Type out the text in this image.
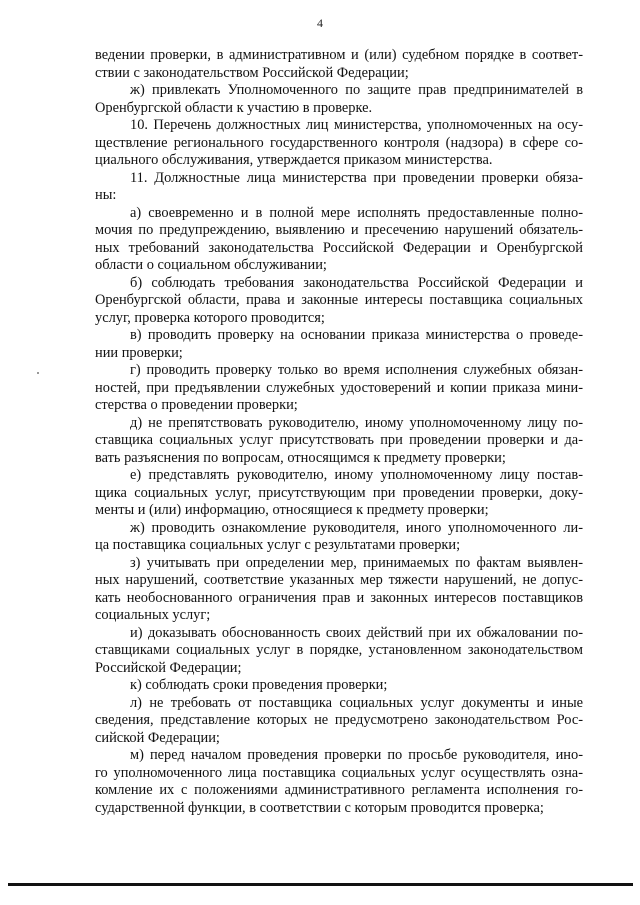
4
ведении проверки, в административном и (или) судебном порядке в соответ-
ствии с законодательством Российской Федерации;
ж) привлекать Уполномоченного по защите прав предпринимателей в
Оренбургской области к участию в проверке.
10. Перечень должностных лиц министерства, уполномоченных на осу-
ществление регионального государственного контроля (надзора) в сфере со-
циального обслуживания, утверждается приказом министерства.
11. Должностные лица министерства при проведении проверки обяза-
ны:
а) своевременно и в полной мере исполнять предоставленные полно-
мочия по предупреждению, выявлению и пресечению нарушений обязатель-
ных требований законодательства Российской Федерации и Оренбургской
области о социальном обслуживании;
б) соблюдать требования законодательства Российской Федерации и
Оренбургской области, права и законные интересы поставщика социальных
услуг, проверка которого проводится;
в) проводить проверку на основании приказа министерства о проведе-
нии проверки;
г) проводить проверку только во время исполнения служебных обязан-
ностей, при предъявлении служебных удостоверений и копии приказа мини-
стерства о проведении проверки;
д) не препятствовать руководителю, иному уполномоченному лицу по-
ставщика социальных услуг присутствовать при проведении проверки и да-
вать разъяснения по вопросам, относящимся к предмету проверки;
е) представлять руководителю, иному уполномоченному лицу постав-
щика социальных услуг, присутствующим при проведении проверки, доку-
менты и (или) информацию, относящиеся к предмету проверки;
ж) проводить ознакомление руководителя, иного уполномоченного ли-
ца поставщика социальных услуг с результатами проверки;
з) учитывать при определении мер, принимаемых по фактам выявлен-
ных нарушений, соответствие указанных мер тяжести нарушений, не допус-
кать необоснованного ограничения прав и законных интересов поставщиков
социальных услуг;
и) доказывать обоснованность своих действий при их обжаловании по-
ставщиками социальных услуг в порядке, установленном законодательством
Российской Федерации;
к) соблюдать сроки проведения проверки;
л) не требовать от поставщика социальных услуг документы и иные
сведения, представление которых не предусмотрено законодательством Рос-
сийской Федерации;
м) перед началом проведения проверки по просьбе руководителя, ино-
го уполномоченного лица поставщика социальных услуг осуществлять озна-
комление их с положениями административного регламента исполнения го-
сударственной функции, в соответствии с которым проводится проверка;
